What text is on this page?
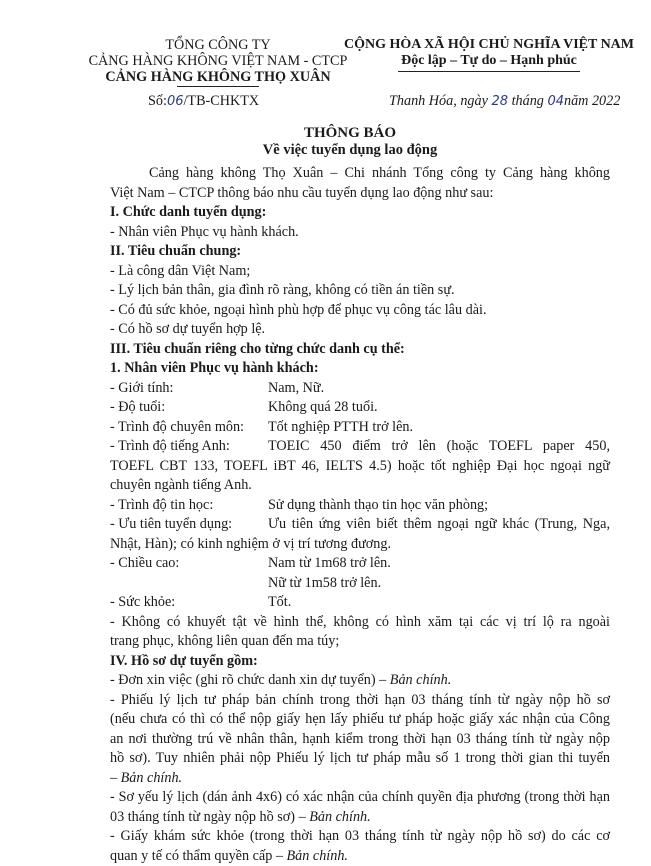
TỔNG CÔNG TY
CẢNG HÀNG KHÔNG VIỆT NAM - CTCP
CẢNG HÀNG KHÔNG THỌ XUÂN
CỘNG HÒA XÃ HỘI CHỦ NGHĨA VIỆT NAM
Độc lập – Tự do – Hạnh phúc
Số:06/TB-CHKTX	Thanh Hóa, ngày 28 tháng 04năm 2022
THÔNG BÁO
Về việc tuyển dụng lao động
Cảng hàng không Thọ Xuân – Chi nhánh Tổng công ty Cảng hàng không
Việt Nam – CTCP thông báo nhu cầu tuyển dụng lao động như sau:
I. Chức danh tuyển dụng:
- Nhân viên Phục vụ hành khách.
II. Tiêu chuẩn chung:
- Là công dân Việt Nam;
- Lý lịch bản thân, gia đình rõ ràng, không có tiền án tiền sự.
- Có đủ sức khỏe, ngoại hình phù hợp để phục vụ công tác lâu dài.
- Có hồ sơ dự tuyển hợp lệ.
III. Tiêu chuẩn riêng cho từng chức danh cụ thể:
1. Nhân viên Phục vụ hành khách:
- Giới tính:	Nam, Nữ.
- Độ tuổi:	Không quá 28 tuổi.
- Trình độ chuyên môn: Tốt nghiệp PTTH trở lên.
- Trình độ tiếng Anh:	TOEIC 450 điểm trở lên (hoặc TOEFL paper 450,
TOEFL CBT 133, TOEFL iBT 46, IELTS 4.5) hoặc tốt nghiệp Đại học ngoại ngữ
chuyên ngành tiếng Anh.
- Trình độ tin học:	Sử dụng thành thạo tin học văn phòng;
- Ưu tiên tuyển dụng:	Ưu tiên ứng viên biết thêm ngoại ngữ khác (Trung, Nga,
Nhật, Hàn); có kinh nghiệm ở vị trí tương đương.
- Chiều cao:	Nam từ 1m68 trở lên.
Nữ từ 1m58 trở lên.
- Sức khỏe:	Tốt.
- Không có khuyết tật về hình thể, không có hình xăm tại các vị trí lộ ra ngoài
trang phục, không liên quan đến ma túy;
IV. Hồ sơ dự tuyển gồm:
- Đơn xin việc (ghi rõ chức danh xin dự tuyển) – Bản chính.
- Phiếu lý lịch tư pháp bản chính trong thời hạn 03 tháng tính từ ngày nộp hồ sơ
(nếu chưa có thì có thể nộp giấy hẹn lấy phiếu tư pháp hoặc giấy xác nhận của Công
an nơi thường trú về nhân thân, hạnh kiểm trong thời hạn 03 tháng tính từ ngày nộp
hồ sơ). Tuy nhiên phải nộp Phiếu lý lịch tư pháp mẫu số 1 trong thời gian thi tuyển
– Bản chính.
- Sơ yếu lý lịch (dán ảnh 4x6) có xác nhận của chính quyền địa phương (trong thời hạn
03 tháng tính từ ngày nộp hồ sơ) – Bản chính.
- Giấy khám sức khỏe (trong thời hạn 03 tháng tính từ ngày nộp hồ sơ) do các cơ
quan y tế có thẩm quyền cấp – Bản chính.
